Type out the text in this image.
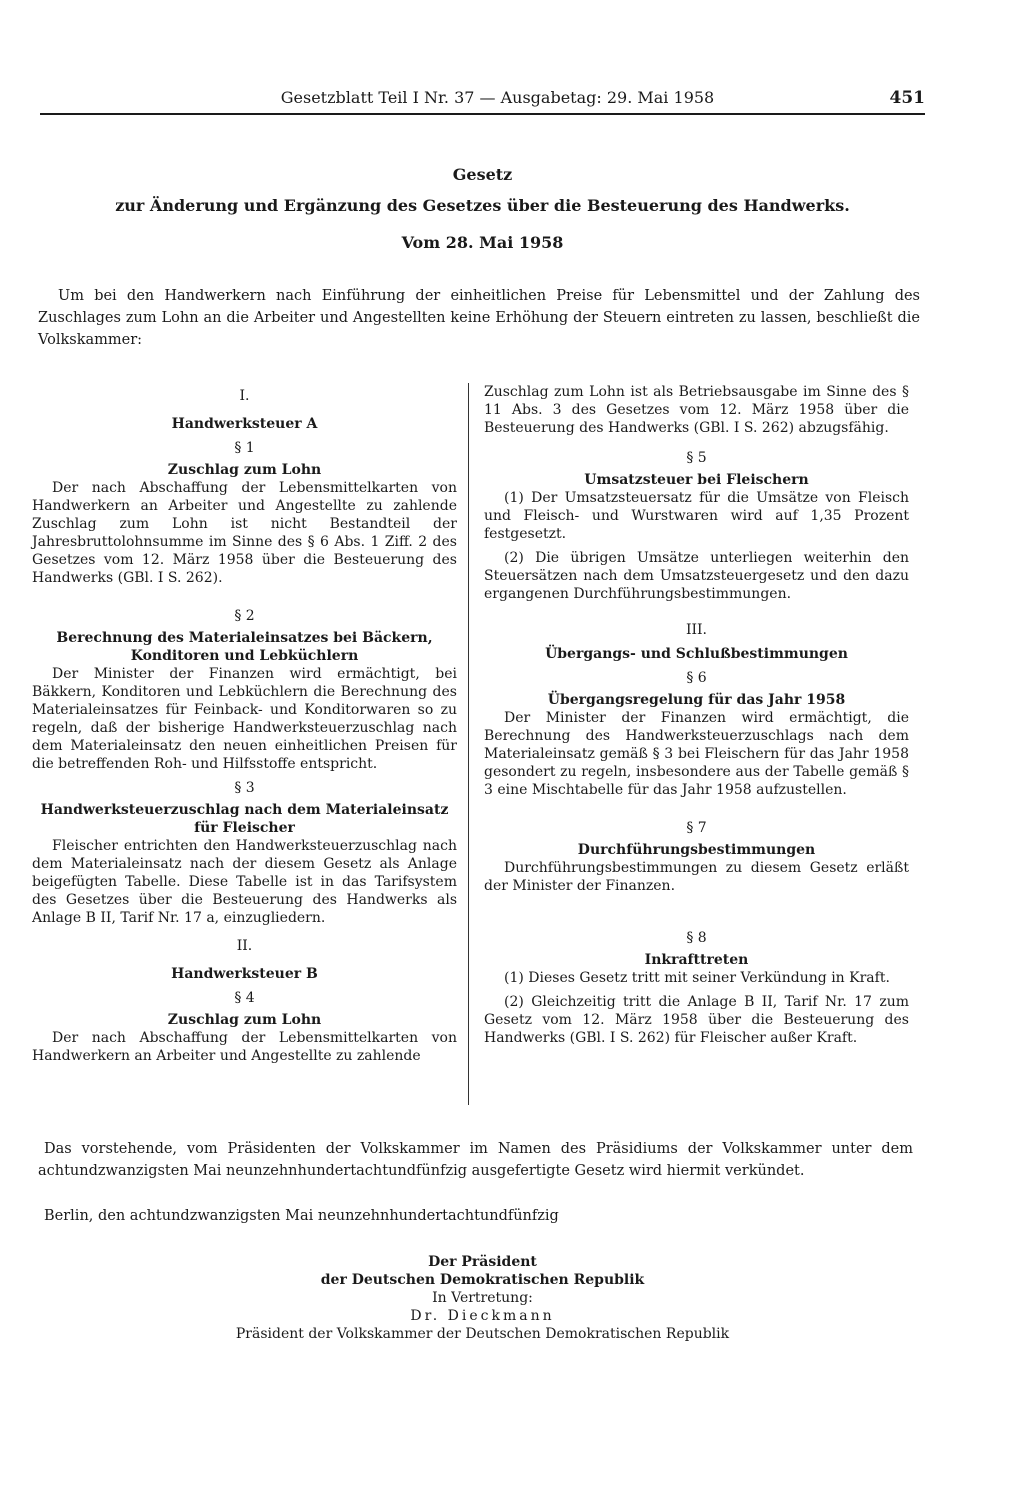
Gesetzblatt Teil I Nr. 37 — Ausgabetag: 29. Mai 1958	451
Gesetz
zur Änderung und Ergänzung des Gesetzes über die Besteuerung des Handwerks.
Vom 28. Mai 1958

Um bei den Handwerkern nach Einführung der einheitlichen Preise für Lebensmittel und der Zahlung des Zuschlages zum Lohn an die Arbeiter und Angestellten keine Erhöhung der Steuern eintreten zu lassen, beschließt die Volkskammer:

I.
Handwerksteuer A
§ 1
Zuschlag zum Lohn

Der nach Abschaffung der Lebensmittelkarten von Handwerkern an Arbeiter und Angestellte zu zahlende Zuschlag zum Lohn ist nicht Bestandteil der Jahresbruttolohnsumme im Sinne des § 6 Abs. 1 Ziff. 2 des Gesetzes vom 12. März 1958 über die Besteuerung des Handwerks (GBl. I S. 262).

§ 2
Berechnung des Materialeinsatzes bei Bäckern,
Konditoren und Lebküchlern

Der Minister der Finanzen wird ermächtigt, bei Bäkkern, Konditoren und Lebküchlern die Berechnung des Materialeinsatzes für Feinback- und Konditorwaren so zu regeln, daß der bisherige Handwerksteuerzuschlag nach dem Materialeinsatz den neuen einheitlichen Preisen für die betreffenden Roh- und Hilfsstoffe entspricht.

§ 3
Handwerksteuerzuschlag nach dem Materialeinsatz
für Fleischer

Fleischer entrichten den Handwerksteuerzuschlag nach dem Materialeinsatz nach der diesem Gesetz als Anlage beigefügten Tabelle. Diese Tabelle ist in das Tarifsystem des Gesetzes über die Besteuerung des Handwerks als Anlage B II, Tarif Nr. 17 a, einzugliedern.

II.
Handwerksteuer B
§ 4
Zuschlag zum Lohn

Der nach Abschaffung der Lebensmittelkarten von Handwerkern an Arbeiter und Angestellte zu zahlende

Zuschlag zum Lohn ist als Betriebsausgabe im Sinne des § 11 Abs. 3 des Gesetzes vom 12. März 1958 über die Besteuerung des Handwerks (GBl. I S. 262) abzugsfähig.

§ 5
Umsatzsteuer bei Fleischern

(1) Der Umsatzsteuersatz für die Umsätze von Fleisch und Fleisch- und Wurstwaren wird auf 1,35 Prozent festgesetzt.

(2) Die übrigen Umsätze unterliegen weiterhin den Steuersätzen nach dem Umsatzsteuergesetz und den dazu ergangenen Durchführungsbestimmungen.

III.
Übergangs- und Schlußbestimmungen
§ 6
Übergangsregelung für das Jahr 1958

Der Minister der Finanzen wird ermächtigt, die Berechnung des Handwerksteuerzuschlags nach dem Materialeinsatz gemäß § 3 bei Fleischern für das Jahr 1958 gesondert zu regeln, insbesondere aus der Tabelle gemäß § 3 eine Mischtabelle für das Jahr 1958 aufzustellen.

§ 7
Durchführungsbestimmungen

Durchführungsbestimmungen zu diesem Gesetz erläßt der Minister der Finanzen.

§ 8
Inkrafttreten

(1) Dieses Gesetz tritt mit seiner Verkündung in Kraft.

(2) Gleichzeitig tritt die Anlage B II, Tarif Nr. 17 zum Gesetz vom 12. März 1958 über die Besteuerung des Handwerks (GBl. I S. 262) für Fleischer außer Kraft.

Das vorstehende, vom Präsidenten der Volkskammer im Namen des Präsidiums der Volkskammer unter dem achtundzwanzigsten Mai neunzehnhundertachtundfünfzig ausgefertigte Gesetz wird hiermit verkündet.

Berlin, den achtundzwanzigsten Mai neunzehnhundertachtundfünfzig
Der Präsident
der Deutschen Demokratischen Republik
In Vertretung:
Dr. Dieckmann
Präsident der Volkskammer der Deutschen Demokratischen Republik
